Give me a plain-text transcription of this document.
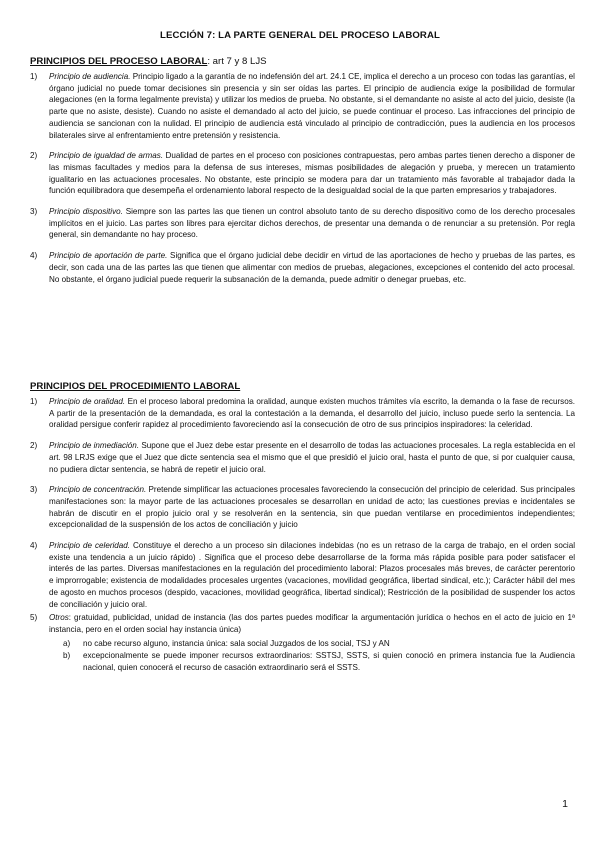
LECCIÓN 7: LA PARTE GENERAL DEL PROCESO LABORAL
PRINCIPIOS DEL PROCESO LABORAL: art 7 y 8 LJS
1) Principio de audiencia. Principio ligado a la garantía de no indefensión del art. 24.1 CE, implica el derecho a un proceso con todas las garantías, el órgano judicial no puede tomar decisiones sin presencia y sin ser oídas las partes. El principio de audiencia exige la posibilidad de formular alegaciones (en la forma legalmente prevista) y utilizar los medios de prueba. No obstante, si el demandante no asiste al acto del juicio, desiste (la parte que no asiste, desiste). Cuando no asiste el demandado al acto del juicio, se puede continuar el proceso. Las infracciones del principio de audiencia se sancionan con la nulidad. El principio de audiencia está vinculado al principio de contradicción, pues la audiencia en los procesos bilaterales sirve al enfrentamiento entre pretensión y resistencia.
2) Principio de igualdad de armas. Dualidad de partes en el proceso con posiciones contrapuestas, pero ambas partes tienen derecho a disponer de las mismas facultades y medios para la defensa de sus intereses, mismas posibilidades de alegación y prueba, y merecen un tratamiento igualitario en las actuaciones procesales. No obstante, este principio se modera para dar un tratamiento más favorable al trabajador dada la función equilibradora que desempeña el ordenamiento laboral respecto de la desigualdad social de la que parten empresarios y trabajadores.
3) Principio dispositivo. Siempre son las partes las que tienen un control absoluto tanto de su derecho dispositivo como de los derecho procesales implícitos en el juicio. Las partes son libres para ejercitar dichos derechos, de presentar una demanda o de renunciar a su pretensión. Por regla general, sin demandante no hay proceso.
4) Principio de aportación de parte. Significa que el órgano judicial debe decidir en virtud de las aportaciones de hecho y pruebas de las partes, es decir, son cada una de las partes las que tienen que alimentar con medios de pruebas, alegaciones, excepciones el contenido del acto procesal. No obstante, el órgano judicial puede requerir la subsanación de la demanda, puede admitir o denegar pruebas, etc.
PRINCIPIOS DEL PROCEDIMIENTO LABORAL
1) Principio de oralidad. En el proceso laboral predomina la oralidad, aunque existen muchos trámites vía escrito, la demanda o la fase de recursos. A partir de la presentación de la demandada, es oral la contestación a la demanda, el desarrollo del juicio, incluso puede serlo la sentencia. La oralidad persigue conferir rapidez al procedimiento favoreciendo así la consecución de otro de sus principios inspiradores: la celeridad.
2) Principio de inmediación. Supone que el Juez debe estar presente en el desarrollo de todas las actuaciones procesales. La regla establecida en el art. 98 LRJS exige que el Juez que dicte sentencia sea el mismo que el que presidió el juicio oral, hasta el punto de que, si por cualquier causa, no pudiera dictar sentencia, se habrá de repetir el juicio oral.
3) Principio de concentración. Pretende simplificar las actuaciones procesales favoreciendo la consecución del principio de celeridad. Sus principales manifestaciones son: la mayor parte de las actuaciones procesales se desarrollan en unidad de acto; las cuestiones previas e incidentales se habrán de discutir en el propio juicio oral y se resolverán en la sentencia, sin que puedan ventilarse en procedimientos independientes; excepcionalidad de la suspensión de los actos de conciliación y juicio
4) Principio de celeridad. Constituye el derecho a un proceso sin dilaciones indebidas (no es un retraso de la carga de trabajo, en el orden social existe una tendencia a un juicio rápido) . Significa que el proceso debe desarrollarse de la forma más rápida posible para poder satisfacer el interés de las partes. Diversas manifestaciones en la regulación del procedimiento laboral: Plazos procesales más breves, de carácter perentorio e improrrogable; existencia de modalidades procesales urgentes (vacaciones, movilidad geográfica, libertad sindical, etc.); Carácter hábil del mes de agosto en muchos procesos (despido, vacaciones, movilidad geográfica, libertad sindical); Restricción de la posibilidad de suspender los actos de conciliación y juicio oral.
5) Otros: gratuidad, publicidad, unidad de instancia (las dos partes puedes modificar la argumentación jurídica o hechos en el acto de juicio en 1ª instancia, pero en el orden social hay instancia única)
a) no cabe recurso alguno, instancia única: sala social Juzgados de los social, TSJ y AN
b) excepcionalmente se puede imponer recursos extraordinarios: SSTSJ, SSTS, si quien conoció en primera instancia fue la Audiencia nacional, quien conocerá el recurso de casación extraordinario será el SSTS.
1
